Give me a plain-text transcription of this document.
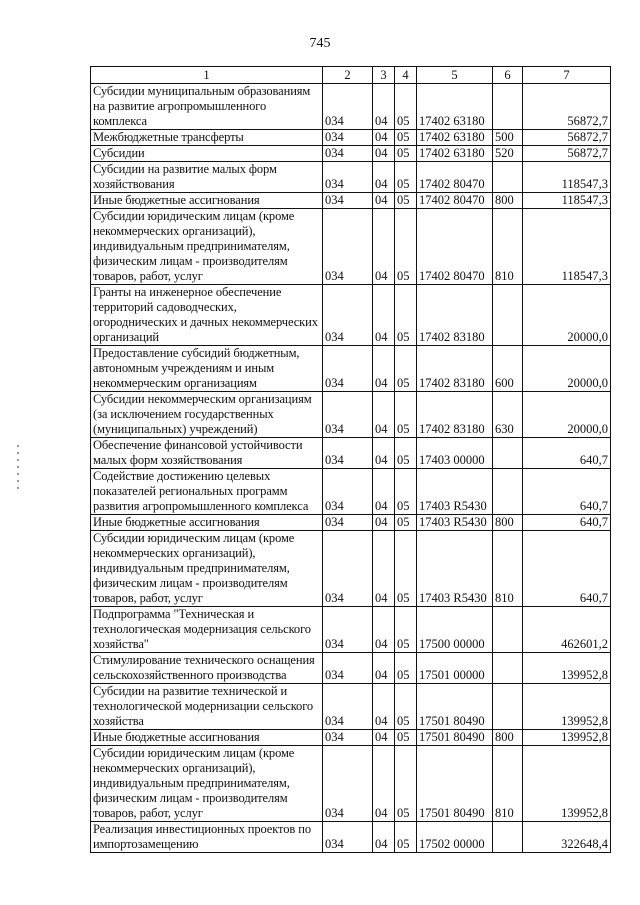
745
1	2	3	4	5	6	7
Субсидии муниципальным образованиям на развитие агропромышленного комплекса	034	04	05	17402 63180		56872,7
Межбюджетные трансферты	034	04	05	17402 63180	500	56872,7
Субсидии	034	04	05	17402 63180	520	56872,7
Субсидии на развитие малых форм хозяйствования	034	04	05	17402 80470		118547,3
Иные бюджетные ассигнования	034	04	05	17402 80470	800	118547,3
Субсидии юридическим лицам (кроме некоммерческих организаций), индивидуальным предпринимателям, физическим лицам - производителям товаров, работ, услуг	034	04	05	17402 80470	810	118547,3
Гранты на инженерное обеспечение территорий садоводческих, огороднических и дачных некоммерческих организаций	034	04	05	17402 83180		20000,0
Предоставление субсидий бюджетным, автономным учреждениям и иным некоммерческим организациям	034	04	05	17402 83180	600	20000,0
Субсидии некоммерческим организациям (за исключением государственных (муниципальных) учреждений)	034	04	05	17402 83180	630	20000,0
Обеспечение финансовой устойчивости малых форм хозяйствования	034	04	05	17403 00000		640,7
Содействие достижению целевых показателей региональных программ развития агропромышленного комплекса	034	04	05	17403 R5430		640,7
Иные бюджетные ассигнования	034	04	05	17403 R5430	800	640,7
Субсидии юридическим лицам (кроме некоммерческих организаций), индивидуальным предпринимателям, физическим лицам - производителям товаров, работ, услуг	034	04	05	17403 R5430	810	640,7
Подпрограмма "Техническая и технологическая модернизация сельского хозяйства"	034	04	05	17500 00000		462601,2
Стимулирование технического оснащения сельскохозяйственного производства	034	04	05	17501 00000		139952,8
Субсидии на развитие технической и технологической модернизации сельского хозяйства	034	04	05	17501 80490		139952,8
Иные бюджетные ассигнования	034	04	05	17501 80490	800	139952,8
Субсидии юридическим лицам (кроме некоммерческих организаций), индивидуальным предпринимателям, физическим лицам - производителям товаров, работ, услуг	034	04	05	17501 80490	810	139952,8
Реализация инвестиционных проектов по импортозамещению	034	04	05	17502 00000		322648,4
